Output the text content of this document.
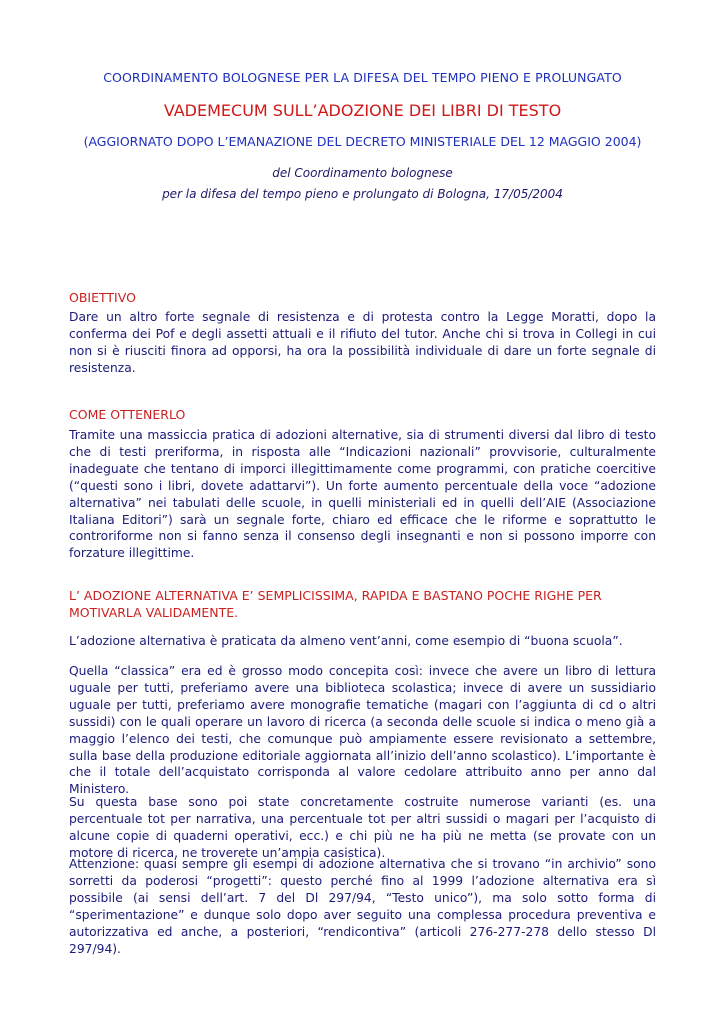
COORDINAMENTO BOLOGNESE PER LA DIFESA DEL TEMPO PIENO E PROLUNGATO

VADEMECUM SULL’ADOZIONE DEI LIBRI DI TESTO

(AGGIORNATO DOPO L’EMANAZIONE DEL DECRETO MINISTERIALE DEL 12 MAGGIO 2004)

del Coordinamento bolognese

per la difesa del tempo pieno e prolungato di Bologna, 17/05/2004

OBIETTIVO

Dare un altro forte segnale di resistenza e di protesta contro la Legge Moratti, dopo la conferma dei Pof e degli assetti attuali e il rifiuto del tutor. Anche chi si trova in Collegi in cui non si è riusciti finora ad opporsi, ha ora la possibilità individuale di dare un forte segnale di resistenza.

COME OTTENERLO

Tramite una massiccia pratica di adozioni alternative, sia di strumenti diversi dal libro di testo che di testi preriforma, in risposta alle “Indicazioni nazionali” provvisorie, culturalmente inadeguate che tentano di imporci illegittimamente come programmi, con pratiche coercitive (“questi sono i libri, dovete adattarvi”). Un forte aumento percentuale della voce “adozione alternativa” nei tabulati delle scuole, in quelli ministeriali ed in quelli dell’AIE (Associazione Italiana Editori”) sarà un segnale forte, chiaro ed efficace che le riforme e soprattutto le controriforme non si fanno senza il consenso degli insegnanti e non si possono imporre con forzature illegittime.

L’ ADOZIONE ALTERNATIVA E’ SEMPLICISSIMA, RAPIDA E BASTANO POCHE RIGHE PER MOTIVARLA VALIDAMENTE.

L’adozione alternativa è praticata da almeno vent’anni, come esempio di “buona scuola”.

Quella “classica” era ed è grosso modo concepita così: invece che avere un libro di lettura uguale per tutti, preferiamo avere una biblioteca scolastica; invece di avere un sussidiario uguale per tutti, preferiamo avere monografie tematiche (magari con l’aggiunta di cd o altri sussidi) con le quali operare un lavoro di ricerca (a seconda delle scuole si indica o meno già a maggio l’elenco dei testi, che comunque può ampiamente essere revisionato a settembre, sulla base della produzione editoriale aggiornata all’inizio dell’anno scolastico). L’importante è che il totale dell’acquistato corrisponda al valore cedolare attribuito anno per anno dal Ministero.

Su questa base sono poi state concretamente costruite numerose varianti (es. una percentuale tot per narrativa, una percentuale tot per altri sussidi o magari per l’acquisto di alcune copie di quaderni operativi, ecc.) e chi più ne ha più ne metta (se provate con un motore di ricerca, ne troverete un’ampia casistica).

Attenzione: quasi sempre gli esempi di adozione alternativa che si trovano “in archivio” sono sorretti da poderosi “progetti”: questo perché fino al 1999 l’adozione alternativa era sì possibile (ai sensi dell’art. 7 del Dl 297/94, “Testo unico”), ma solo sotto forma di “sperimentazione” e dunque solo dopo aver seguito una complessa procedura preventiva e autorizzativa ed anche, a posteriori, “rendicontiva” (articoli 276-277-278 dello stesso Dl 297/94).
